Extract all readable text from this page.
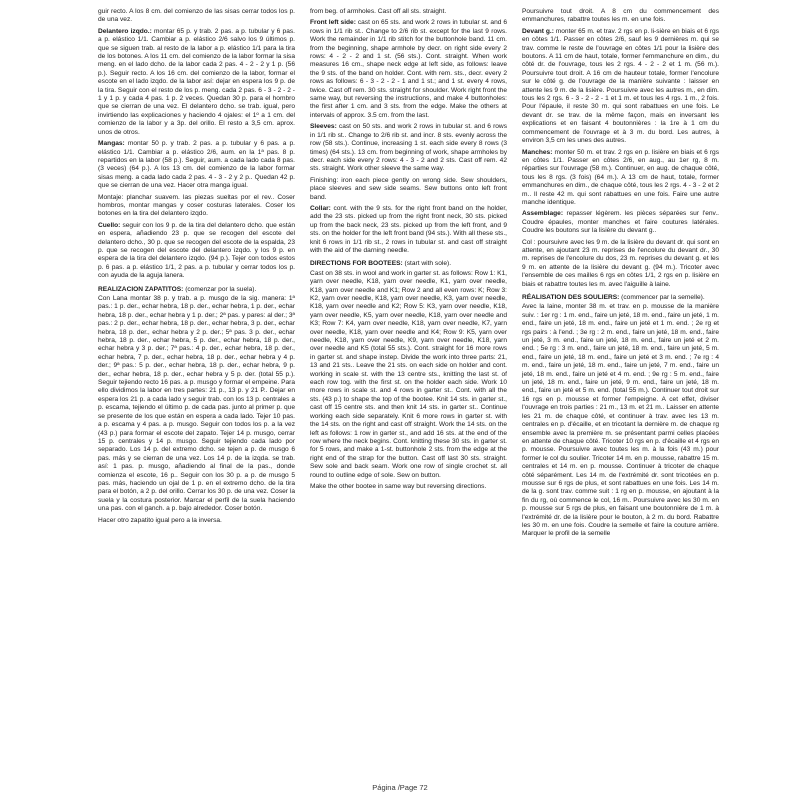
guir recto. A los 8 cm. del comienzo de las sisas cerrar todos los p. de una vez.

Delantero izqdo.: montar 65 p. y trab. 2 pas. a p. tubular y 6 pas. a p. elástico 1/1. Cambiar a p. elástico 2/6 salvo los 9 últimos p. que se siguen trab. al resto de la labor a p. elástico 1/1 para la tira de los botones. A los 11 cm. del comienzo de la labor formar la sisa meng. en el lado dcho. de la labor cada 2 pas. 4 - 2 - 2 y 1 p. (56 p.). Seguir recto. A los 16 cm. del comienzo de la labor, formar el escote en el lado izqdo. de la labor así: dejar en espera los 9 p. de la tira. Seguir con el resto de los p. meng. cada 2 pas. 6 - 3 - 2 - 2 - 1 y 1 p. y cada 4 pas. 1 p. 2 veces. Quedan 30 p. para el hombro que se cierran de una vez. El delantero dcho. se trab. igual, pero invirtiendo las explicaciones y haciendo 4 ojales: el 1º a 1 cm. del comienzo de la labor y a 3p. del orillo. El resto a 3,5 cm. aprox. unos de otros.

Mangas: montar 50 p. y trab. 2 pas. a p. tubular y 6 pas. a p. elástico 1/1. Cambiar a p. elástico 2/6, aum. en la 1ª pas. 8 p. repartidos en la labor (58 p.). Seguir, aum. a cada lado cada 8 pas. (3 veces) (64 p.). A los 13 cm. del comienzo de la labor formar sisas meng. a cada lado cada 2 pas. 4 - 3 - 2 y 2 p.. Quedan 42 p. que se cierran de una vez. Hacer otra manga igual.

Montaje: planchar suavem. las piezas sueltas por el rev.. Coser hombros, montar mangas y coser costuras laterales. Coser los botones en la tira del delantero izqdo.

Cuello: seguir con los 9 p. de la tira del delantero dcho. que están en espera, añadiendo 23 p. que se recogen del escote del delantero dcho., 30 p. que se recogen del escote de la espalda, 23 p. que se recogen del escote del delantero izqdo. y los 9 p. en espera de la tira del delantero izqdo. (94 p.). Tejer con todos estos p. 6 pas. a p. elástico 1/1, 2 pas. a p. tubular y cerrar todos los p. con ayuda de la aguja lanera.

REALIZACION ZAPATITOS: (comenzar por la suela).

Con Lana montar 38 p. y trab. a p. musgo de la sig. manera: 1ª pas.: 1 p. der., echar hebra, 18 p. der., echar hebra, 1 p. der., echar hebra, 18 p. der., echar hebra y 1 p. der.; 2ª pas. y pares: al der.; 3ª pas.: 2 p. der., echar hebra, 18 p. der., echar hebra, 3 p. der., echar hebra, 18 p. der., echar hebra y 2 p. der.; 5ª pas. 3 p. der., echar hebra, 18 p. der., echar hebra, 5 p. der., echar hebra, 18 p. der., echar hebra y 3 p. der.; 7ª pas.: 4 p. der., echar hebra, 18 p. der., echar hebra, 7 p. der., echar hebra, 18 p. der., echar hebra y 4 p. der.; 9ª pas.: 5 p. der., echar hebra, 18 p. der., echar hebra, 9 p. der., echar hebra, 18 p. der., echar hebra y 5 p. der. (total 55 p.). Seguir tejiendo recto 16 pas. a p. musgo y formar el empeine. Para ello dividimos la labor en tres partes: 21 p., 13 p. y 21 P.. Dejar en espera los 21 p. a cada lado y seguir trab. con los 13 p. centrales a p. escama, tejiendo el último p. de cada pas. junto al primer p. que se presente de los que están en espera a cada lado. Tejer 10 pas. a p. escama y 4 pas. a p. musgo. Seguir con todos los p. a la vez (43 p.) para formar el escote del zapato. Tejer 14 p. musgo, cerrar 15 p. centrales y 14 p. musgo. Seguir tejiendo cada lado por separado. Los 14 p. del extremo dcho. se tejen a p. de musgo 6 pas. más y se cierran de una vez. Los 14 p. de la izqda. se trab. así: 1 pas. p. musgo, añadiendo al final de la pas., donde comienza el escote, 16 p.. Seguir con los 30 p. a p. de musgo 5 pas. más, haciendo un ojal de 1 p. en el extremo dcho. de la tira para el botón, a 2 p. del orillo. Cerrar los 30 p. de una vez. Coser la suela y la costura posterior. Marcar el perfil de la suela haciendo una pas. con el ganch. a p. bajo alrededor. Coser botón.

Hacer otro zapatito igual pero a la inversa.

from beg. of armholes. Cast off all sts. straight.

Front left side: cast on 65 sts. and work 2 rows in tubular st. and 6 rows in 1/1 rib st.. Change to 2/6 rib st. except for the last 9 rows. Work the remainder in 1/1 rib stitch for the buttonhole band. 11 cm. from the beginning, shape armhole by decr. on right side every 2 rows: 4 - 2 - 2 and 1 st. (56 sts.). Cont. straight. When work measures 16 cm., shape neck edge at left side, as follows: leave the 9 sts. of the band on holder. Cont. with rem. sts., decr. every 2 rows as follows: 6 - 3 - 2 - 2 - 1 and 1 st.; and 1 st. every 4 rows, twice. Cast off rem. 30 sts. straight for shoulder. Work right front the same way, but reversing the instructions, and make 4 buttonholes: the first after 1 cm. and 3 sts. from the edge. Make the others at intervals of approx. 3.5 cm. from the last.

Sleeves: cast on 50 sts. and work 2 rows in tubular st. and 6 rows in 1/1 rib st.. Change to 2/6 rib st. and incr. 8 sts. evenly across the row (58 sts.). Continue, increasing 1 st. each side every 8 rows (3 times) (64 sts.). 13 cm. from beginning of work, shape armholes by decr. each side every 2 rows: 4 - 3 - 2 and 2 sts. Cast off rem. 42 sts. straight. Work other sleeve the same way.

Finishing: iron each piece gently on wrong side. Sew shoulders, place sleeves and sew side seams. Sew buttons onto left front band.

Collar: cont. with the 9 sts. for the right front band on the holder, add the 23 sts. picked up from the right front neck, 30 sts. picked up from the back neck, 23 sts. picked up from the left front, and 9 sts. on the holder for the left front band (94 sts.). With all these sts., knit 6 rows in 1/1 rib st., 2 rows in tubular st. and cast off straight with the aid of the darning needle.

DIRECTIONS FOR BOOTEES: (start with sole).

Cast on 38 sts. in wool and work in garter st. as follows: Row 1: K1, yarn over needle, K18, yarn over needle, K1, yarn over needle, K18, yarn over needle and K1; Row 2 and all even rows: K; Row 3: K2, yarn over needle, K18, yarn over needle, K3, yarn over needle, K18, yarn over needle and K2; Row 5: K3, yarn over needle, K18, yarn over needle, K5, yarn over needle, K18, yarn over needle and K3; Row 7: K4, yarn over needle, K18, yarn over needle, K7, yarn over needle, K18, yarn over needle and K4; Row 9: K5, yarn over needle, K18, yarn over needle, K9, yarn over needle, K18, yarn over needle and K5 (total 55 sts.). Cont. straight for 16 more rows in garter st. and shape instep. Divide the work into three parts: 21, 13 and 21 sts.. Leave the 21 sts. on each side on holder and cont. working in scale st. with the 13 centre sts., knitting the last st. of each row tog. with the first st. on the holder each side. Work 10 more rows in scale st. and 4 rows in garter st.. Cont. with all the sts. (43 p.) to shape the top of the bootee. Knit 14 sts. in garter st., cast off 15 centre sts. and then knit 14 sts. in garter st.. Continue working each side separately. Knit 6 more rows in garter st. with the 14 sts. on the right and cast off straight. Work the 14 sts. on the left as follows: 1 row in garter st., and add 16 sts. at the end of the row where the neck begins. Cont. knitting these 30 sts. in garter st. for 5 rows, and make a 1-st. buttonhole 2 sts. from the edge at the right end of the strap for the button. Cast off last 30 sts. straight. Sew sole and back seam. Work one row of single crochet st. all round to outline edge of sole. Sew on button.

Make the other bootee in same way but reversing directions.

Poursuivre tout droit. A 8 cm du commencement des emmanchures, rabattre toutes les m. en une fois.

Devant g.: monter 65 m. et trav. 2 rgs en p. li-sière en biais et 6 rgs en côtes 1/1. Passer en côtes 2/6, sauf les 9 dernières m. qui se trav. comme le reste de l'ouvrage en côtes 1/1 pour la lisière des boutons. A 11 cm de haut, totale, former l'emmanchure en dim., du côté dr. de l'ouvrage, tous les 2 rgs. 4 - 2 - 2 et 1 m. (56 m.). Poursuivre tout droit. A 16 cm de hauteur totale, former l'encolure sur le côté g. de l'ouvrage de la manière suivante : laisser en attente les 9 m. de la lisière. Poursuivre avec les autres m., en dim. tous les 2 rgs. 6 - 3 - 2 - 2 - 1 et 1 m. et tous les 4 rgs. 1 m., 2 fois. Pour l'épaule, il reste 30 m. qui sont rabattues en une fois. Le devant dr. se trav. de la même façon, mais en inversant les explications et en faisant 4 boutonnières : la 1re à 1 cm du commencement de l'ouvrage et à 3 m. du bord. Les autres, à environ 3,5 cm les unes des autres.

Manches: monter 50 m. et trav. 2 rgs en p. lisière en biais et 6 rgs en côtes 1/1. Passer en côtes 2/6, en aug., au 1er rg, 8 m. réparties sur l'ouvrage (58 m.). Continuer, en aug. de chaque côté, tous les 8 rgs. (3 fois) (64 m.). A 13 cm de haut, totale, former emmanchures en dim., de chaque côté, tous les 2 rgs. 4 - 3 - 2 et 2 m.. Il reste 42 m. qui sont rabattues en une fois. Faire une autre manche identique.

Assemblage: repasser légèrem. les pièces séparées sur l'env.. Coudre épaules, monter manches et faire coutures latérales. Coudre les boutons sur la lisière du devant g..

Col : poursuivre avec les 9 m. de la lisière du devant dr. qui sont en attente, en ajoutant 23 m. reprises de l'encolure du devant dr., 30 m. reprises de l'encolure du dos, 23 m. reprises du devant g. et les 9 m. en attente de la lisière du devant g. (94 m.). Tricoter avec l'ensemble de ces mailles 6 rgs en côtes 1/1, 2 rgs en p. lisière en biais et rabattre toutes les m. avec l'aiguille à laine.

RÉALISATION DES SOULIERS: (commencer par la semelle).

Avec la laine, monter 38 m. et trav. en p. mousse de la manière suiv. : 1er rg : 1 m. end., faire un jeté, 18 m. end., faire un jeté, 1 m. end., faire un jeté, 18 m. end., faire un jeté et 1 m. end. ; 2e rg et rgs pairs : à l'end. ; 3e rg : 2 m. end., faire un jeté, 18 m. end., faire un jeté, 3 m. end., faire un jeté, 18 m. end., faire un jeté et 2 m. end. ; 5e rg : 3 m. end., faire un jeté, 18 m. end., faire un jeté, 5 m. end., faire un jeté, 18 m. end., faire un jeté et 3 m. end. ; 7e rg : 4 m. end., faire un jeté, 18 m. end., faire un jeté, 7 m. end., faire un jeté, 18 m. end., faire un jeté et 4 m. end. ; 9e rg : 5 m. end., faire un jeté, 18 m. end., faire un jeté, 9 m. end., faire un jeté, 18 m. end., faire un jeté et 5 m. end. (total 55 m.). Continuer tout droit sur 16 rgs en p. mousse et former l'empeigne. A cet effet, diviser l'ouvrage en trois parties : 21 m., 13 m. et 21 m.. Laisser en attente les 21 m. de chaque côté, et continuer à trav. avec les 13 m. centrales en p. d'écaille, et en tricotant la dernière m. de chaque rg ensemble avec la première m. se présentant parmi celles placées en attente de chaque côté. Tricoter 10 rgs en p. d'écaille et 4 rgs en p. mousse. Poursuivre avec toutes les m. à la fois (43 m.) pour former le col du soulier. Tricoter 14 m. en p. mousse, rabattre 15 m. centrales et 14 m. en p. mousse. Continuer à tricoter de chaque côté séparément. Les 14 m. de l'extrémité dr. sont tricotées en p. mousse sur 6 rgs de plus, et sont rabattues en une fois. Les 14 m. de la g. sont trav. comme suit : 1 rg en p. mousse, en ajoutant à la fin du rg, où commence le col, 16 m.. Poursuivre avec les 30 m. en p. mousse sur 5 rgs de plus, en faisant une boutonnière de 1 m. à l'extrémité dr. de la lisière pour le bouton, à 2 m. du bord. Rabattre les 30 m. en une fois. Coudre la semelle et faire la couture arrière. Marquer le profil de la semelle

Página /Page 72
